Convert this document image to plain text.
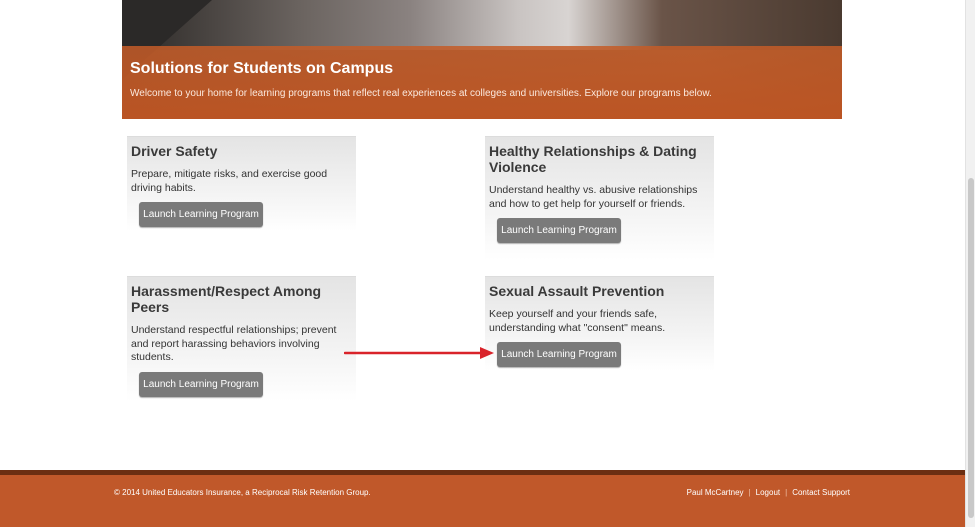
Solutions for Students on Campus
Welcome to your home for learning programs that reflect real experiences at colleges and universities. Explore our programs below.
Driver Safety

Prepare, mitigate risks, and exercise good driving habits.

Launch Learning Program
Healthy Relationships & Dating Violence

Understand healthy vs. abusive relationships and how to get help for yourself or friends.

Launch Learning Program
Harassment/Respect Among Peers

Understand respectful relationships; prevent and report harassing behaviors involving students.

Launch Learning Program
Sexual Assault Prevention

Keep yourself and your friends safe, understanding what "consent" means.

Launch Learning Program
© 2014 United Educators Insurance, a Reciprocal Risk Retention Group.	Paul McCartney | Logout | Contact Support
